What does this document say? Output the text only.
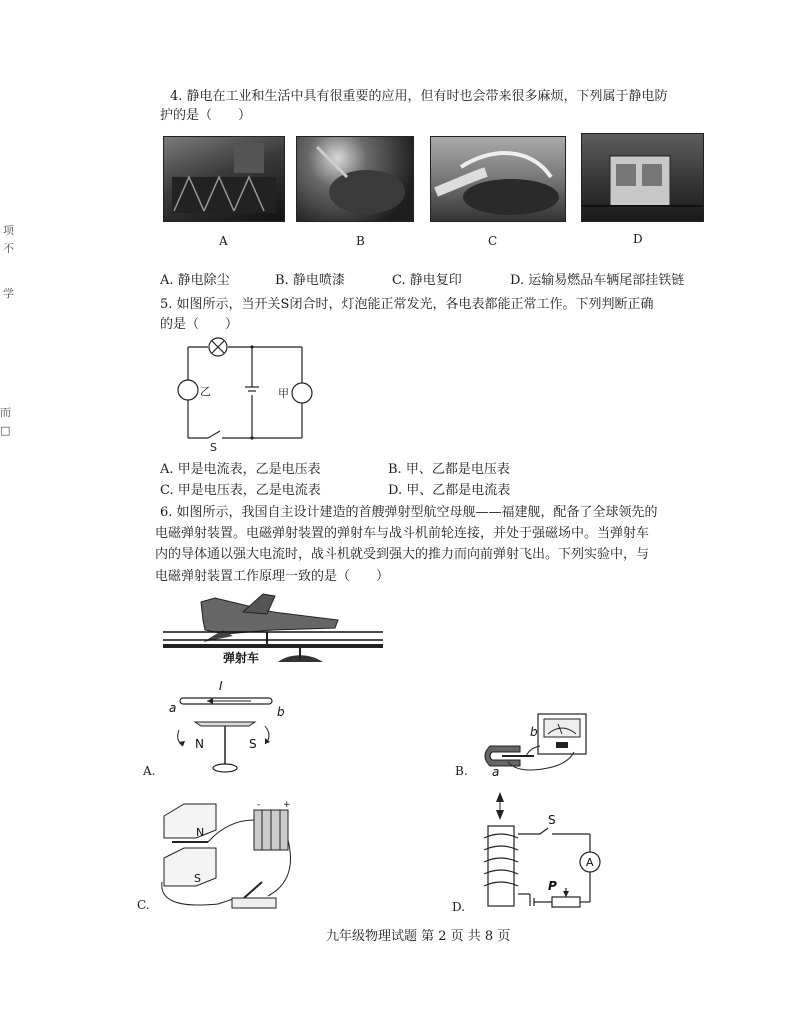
项
不
学
而
□
4. 静电在工业和生活中具有很重要的应用，但有时也会带来很多麻烦，下列属于静电防
护的是（　　）
A	B	C	D
A. 静电除尘	B. 静电喷漆	C. 静电复印	D. 运输易燃品车辆尾部挂铁链
5. 如图所示，当开关S闭合时，灯泡能正常发光，各电表都能正常工作。下列判断正确
的是（　　）
乙	甲
S
A. 甲是电流表，乙是电压表	B. 甲、乙都是电压表
C. 甲是电压表，乙是电流表	D. 甲、乙都是电流表
6. 如图所示，我国自主设计建造的首艘弹射型航空母舰——福建舰，配备了全球领先的
电磁弹射装置。电磁弹射装置的弹射车与战斗机前轮连接，并处于强磁场中。当弹射车
内的导体通以强大电流时，战斗机就受到强大的推力而向前弹射飞出。下列实验中，与
电磁弹射装置工作原理一致的是（　　）
弹射车
I
a	b
N	S
A.
b
a
B.
N
S
-	+
C.
S
A
P
D.
九年级物理试题 第 2 页 共 8 页
